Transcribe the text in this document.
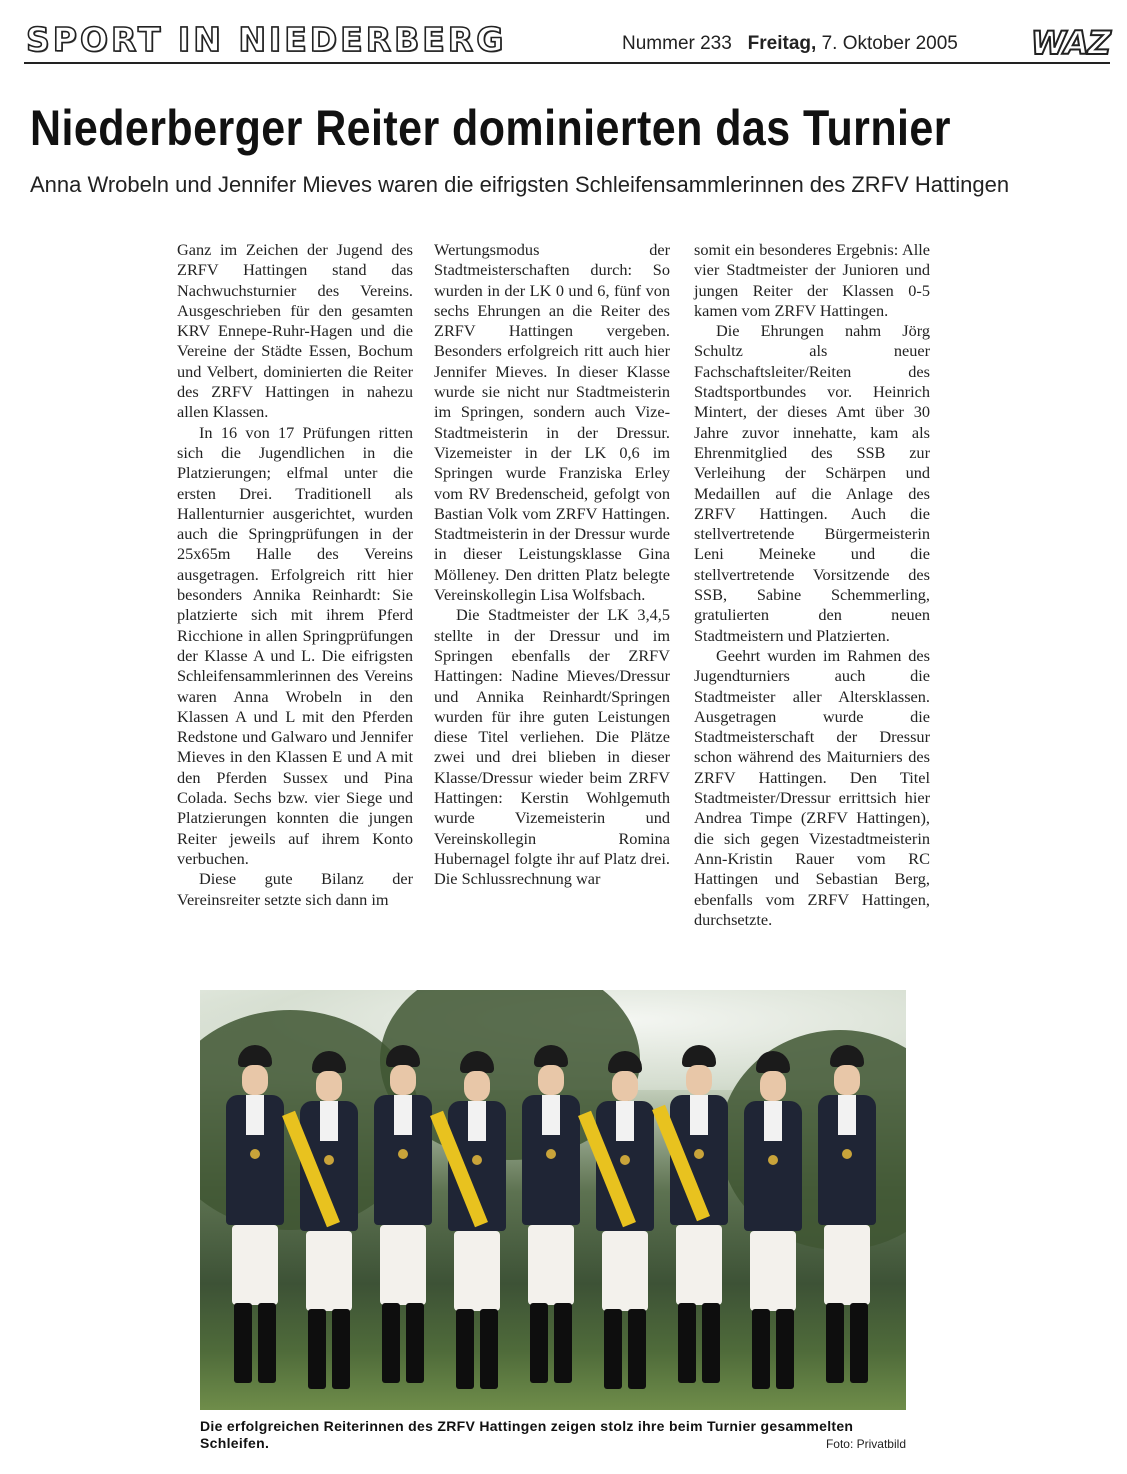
SPORT IN NIEDERBERG	Nummer 233 Freitag, 7. Oktober 2005 WAZ
Niederberger Reiter dominierten das Turnier
Anna Wrobeln und Jennifer Mieves waren die eifrigsten Schleifensammlerinnen des ZRFV Hattingen

Ganz im Zeichen der Jugend des ZRFV Hattingen stand das Nachwuchsturnier des Vereins. Ausgeschrieben für den gesamten KRV Ennepe-Ruhr-Hagen und die Vereine der Städte Essen, Bochum und Velbert, dominierten die Reiter des ZRFV Hattingen in nahezu allen Klassen.

In 16 von 17 Prüfungen ritten sich die Jugendlichen in die Platzierungen; elfmal unter die ersten Drei. Traditionell als Hallenturnier ausgerichtet, wurden auch die Springprüfungen in der 25x65m Halle des Vereins ausgetragen. Erfolgreich ritt hier besonders Annika Reinhardt: Sie platzierte sich mit ihrem Pferd Ricchione in allen Springprüfungen der Klasse A und L. Die eifrigsten Schleifensammlerinnen des Vereins waren Anna Wrobeln in den Klassen A und L mit den Pferden Redstone und Galwaro und Jennifer Mieves in den Klassen E und A mit den Pferden Sussex und Pina Colada. Sechs bzw. vier Siege und Platzierungen konnten die jungen Reiter jeweils auf ihrem Konto verbuchen.

Diese gute Bilanz der Vereinsreiter setzte sich dann im

Wertungsmodus der Stadtmeisterschaften durch: So wurden in der LK 0 und 6, fünf von sechs Ehrungen an die Reiter des ZRFV Hattingen vergeben. Besonders erfolgreich ritt auch hier Jennifer Mieves. In dieser Klasse wurde sie nicht nur Stadtmeisterin im Springen, sondern auch Vize-Stadtmeisterin in der Dressur. Vizemeister in der LK 0,6 im Springen wurde Franziska Erley vom RV Bredenscheid, gefolgt von Bastian Volk vom ZRFV Hattingen. Stadtmeisterin in der Dressur wurde in dieser Leistungsklasse Gina Mölleney. Den dritten Platz belegte Vereinskollegin Lisa Wolfsbach.

Die Stadtmeister der LK 3,4,5 stellte in der Dressur und im Springen ebenfalls der ZRFV Hattingen: Nadine Mieves/Dressur und Annika Reinhardt/Springen wurden für ihre guten Leistungen diese Titel verliehen. Die Plätze zwei und drei blieben in dieser Klasse/Dressur wieder beim ZRFV Hattingen: Kerstin Wohlgemuth wurde Vizemeisterin und Vereinskollegin Romina Hubernagel folgte ihr auf Platz drei. Die Schlussrechnung war

somit ein besonderes Ergebnis: Alle vier Stadtmeister der Junioren und jungen Reiter der Klassen 0-5 kamen vom ZRFV Hattingen.

Die Ehrungen nahm Jörg Schultz als neuer Fachschaftsleiter/Reiten des Stadtsportbundes vor. Heinrich Mintert, der dieses Amt über 30 Jahre zuvor innehatte, kam als Ehrenmitglied des SSB zur Verleihung der Schärpen und Medaillen auf die Anlage des ZRFV Hattingen. Auch die stellvertretende Bürgermeisterin Leni Meineke und die stellvertretende Vorsitzende des SSB, Sabine Schemmerling, gratulierten den neuen Stadtmeistern und Platzierten.

Geehrt wurden im Rahmen des Jugendturniers auch die Stadtmeister aller Altersklassen. Ausgetragen wurde die Stadtmeisterschaft der Dressur schon während des Maiturniers des ZRFV Hattingen. Den Titel Stadtmeister/Dressur errittsich hier Andrea Timpe (ZRFV Hattingen), die sich gegen Vizestadtmeisterin Ann-Kristin Rauer vom RC Hattingen und Sebastian Berg, ebenfalls vom ZRFV Hattingen, durchsetzte.

Die erfolgreichen Reiterinnen des ZRFV Hattingen zeigen stolz ihre beim Turnier gesammelten Schleifen.	Foto: Privatbild
